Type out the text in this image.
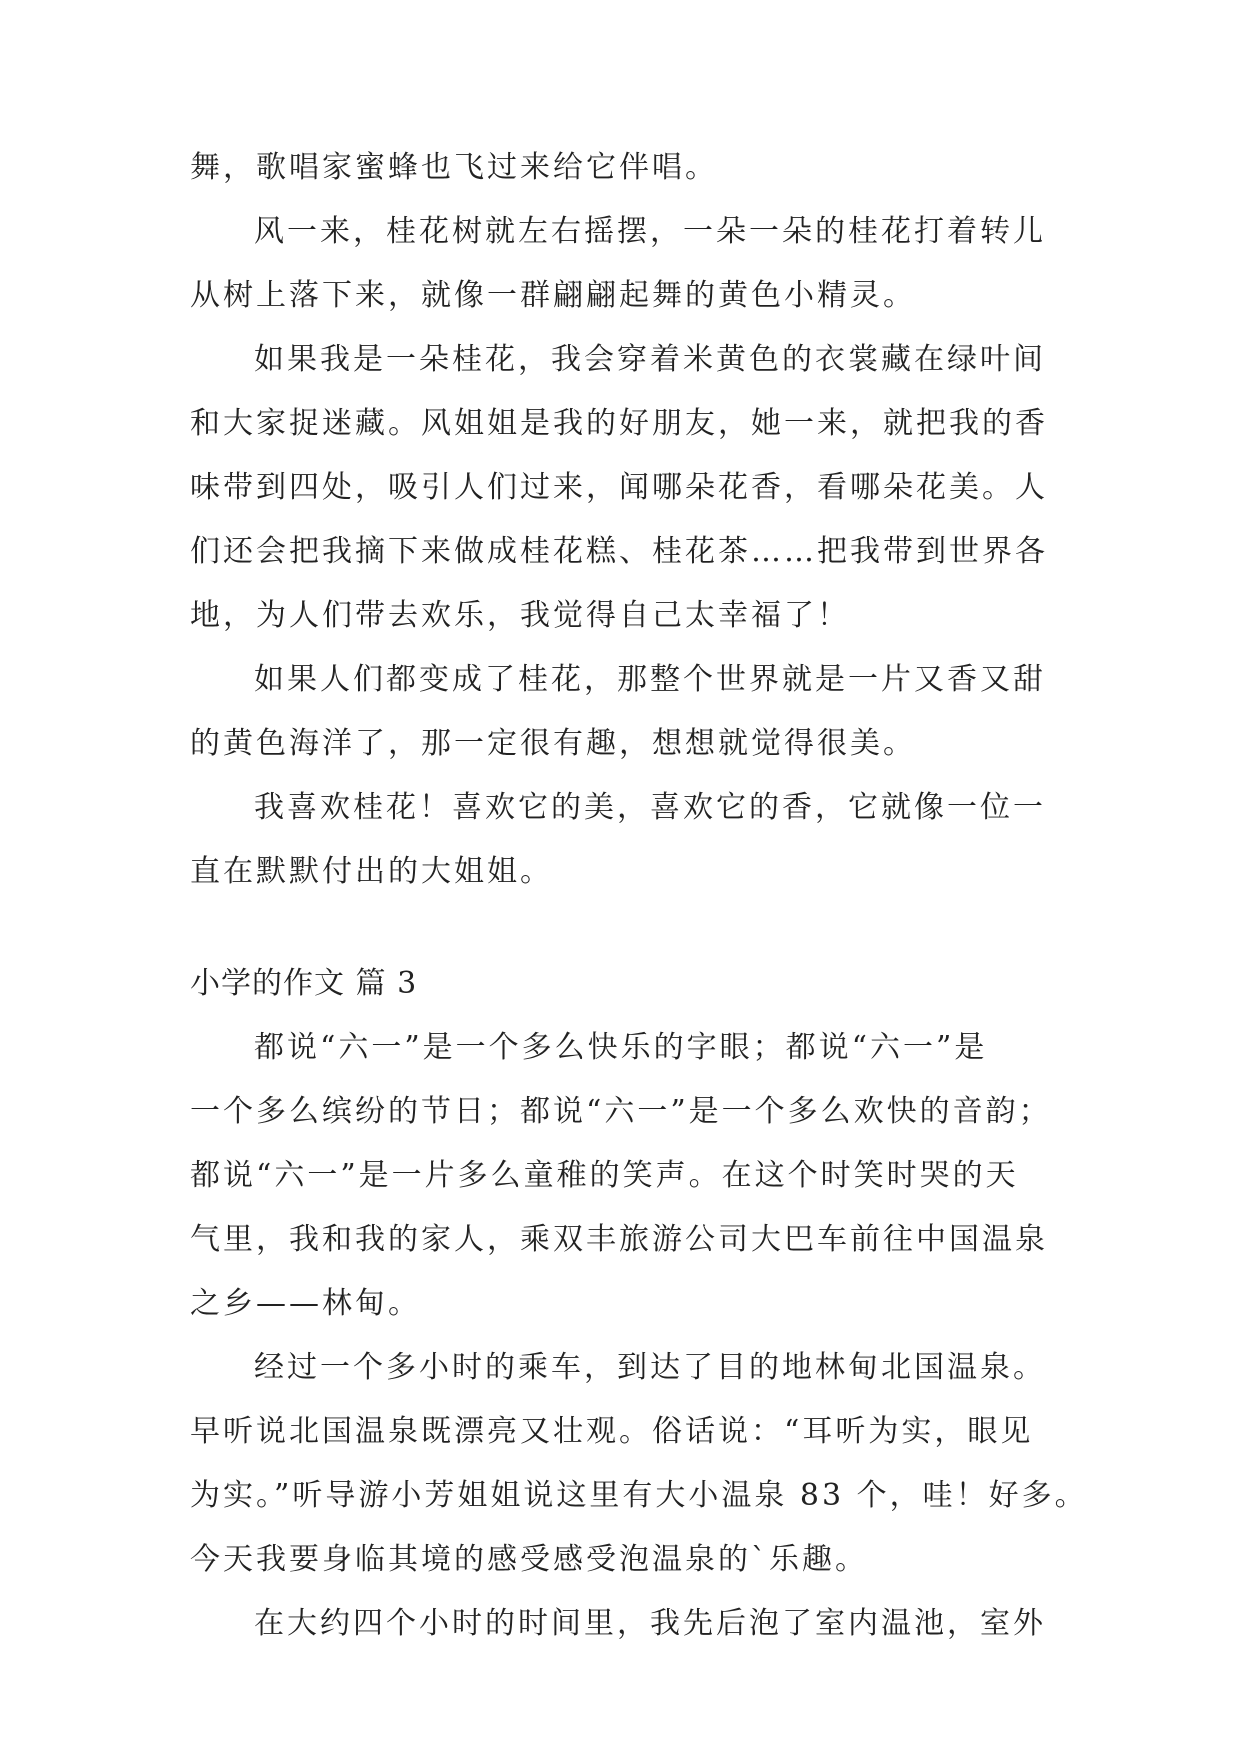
舞，歌唱家蜜蜂也飞过来给它伴唱。
风一来，桂花树就左右摇摆，一朵一朵的桂花打着转儿
从树上落下来，就像一群翩翩起舞的黄色小精灵。
如果我是一朵桂花，我会穿着米黄色的衣裳藏在绿叶间
和大家捉迷藏。风姐姐是我的好朋友，她一来，就把我的香
味带到四处，吸引人们过来，闻哪朵花香，看哪朵花美。人
们还会把我摘下来做成桂花糕、桂花茶……把我带到世界各
地，为人们带去欢乐，我觉得自己太幸福了！
如果人们都变成了桂花，那整个世界就是一片又香又甜
的黄色海洋了，那一定很有趣，想想就觉得很美。
我喜欢桂花！喜欢它的美，喜欢它的香，它就像一位一
直在默默付出的大姐姐。
小学的作文 篇 3
都说“六一”是一个多么快乐的字眼；都说“六一”是
一个多么缤纷的节日；都说“六一”是一个多么欢快的音韵；
都说“六一”是一片多么童稚的笑声。在这个时笑时哭的天
气里，我和我的家人，乘双丰旅游公司大巴车前往中国温泉
之乡——林甸。
经过一个多小时的乘车，到达了目的地林甸北国温泉。
早听说北国温泉既漂亮又壮观。俗话说：“耳听为实，眼见
为实。”听导游小芳姐姐说这里有大小温泉 83 个，哇！好多。
今天我要身临其境的感受感受泡温泉的`乐趣。
在大约四个小时的时间里，我先后泡了室内温池，室外
